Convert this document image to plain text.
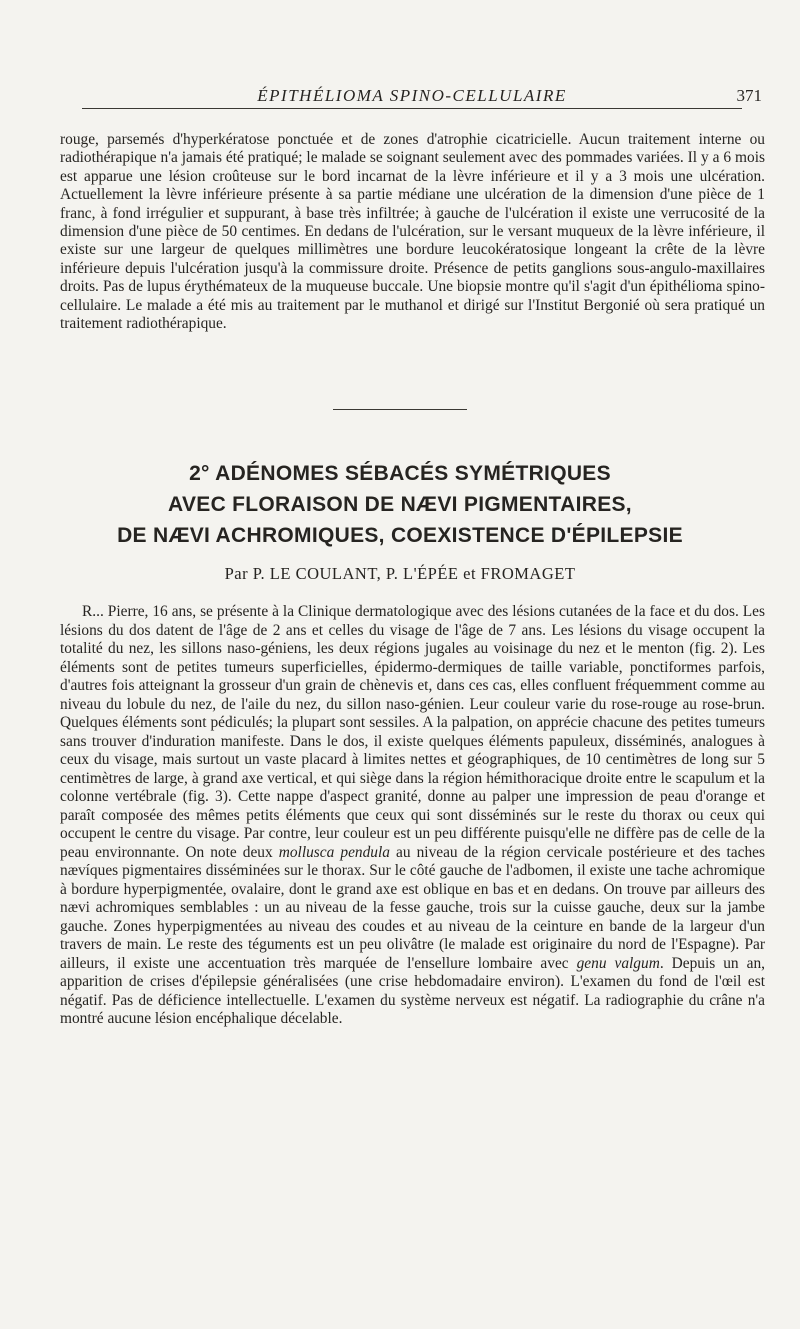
ÉPITHÉLIOMA SPINO-CELLULAIRE	371

rouge, parsemés d'hyperkératose ponctuée et de zones d'atrophie cicatricielle. Aucun traitement interne ou radiothérapique n'a jamais été pratiqué; le malade se soignant seulement avec des pommades variées. Il y a 6 mois est apparue une lésion croûteuse sur le bord incarnat de la lèvre inférieure et il y a 3 mois une ulcération. Actuellement la lèvre inférieure présente à sa partie médiane une ulcération de la dimension d'une pièce de 1 franc, à fond irrégulier et suppurant, à base très infiltrée; à gauche de l'ulcération il existe une verrucosité de la dimension d'une pièce de 50 centimes. En dedans de l'ulcération, sur le versant muqueux de la lèvre inférieure, il existe sur une largeur de quelques millimètres une bordure leucokératosique longeant la crête de la lèvre inférieure depuis l'ulcération jusqu'à la commissure droite. Présence de petits ganglions sous-angulo-maxillaires droits. Pas de lupus érythémateux de la muqueuse buccale. Une biopsie montre qu'il s'agit d'un épithélioma spino-cellulaire. Le malade a été mis au traitement par le muthanol et dirigé sur l'Institut Bergonié où sera pratiqué un traitement radiothérapique.

2° ADÉNOMES SÉBACÉS SYMÉTRIQUES
AVEC FLORAISON DE NÆVI PIGMENTAIRES,
DE NÆVI ACHROMIQUES, COEXISTENCE D'ÉPILEPSIE
Par P. LE COULANT, P. L'ÉPÉE et FROMAGET

R... Pierre, 16 ans, se présente à la Clinique dermatologique avec des lésions cutanées de la face et du dos. Les lésions du dos datent de l'âge de 2 ans et celles du visage de l'âge de 7 ans. Les lésions du visage occupent la totalité du nez, les sillons naso-géniens, les deux régions jugales au voisinage du nez et le menton (fig. 2). Les éléments sont de petites tumeurs superficielles, épidermo-dermiques de taille variable, ponctiformes parfois, d'autres fois atteignant la grosseur d'un grain de chènevis et, dans ces cas, elles confluent fréquemment comme au niveau du lobule du nez, de l'aile du nez, du sillon naso-génien. Leur couleur varie du rose-rouge au rose-brun. Quelques éléments sont pédiculés; la plupart sont sessiles. A la palpation, on apprécie chacune des petites tumeurs sans trouver d'induration manifeste. Dans le dos, il existe quelques éléments papuleux, disséminés, analogues à ceux du visage, mais surtout un vaste placard à limites nettes et géographiques, de 10 centimètres de long sur 5 centimètres de large, à grand axe vertical, et qui siège dans la région hémithoracique droite entre le scapulum et la colonne vertébrale (fig. 3). Cette nappe d'aspect granité, donne au palper une impression de peau d'orange et paraît composée des mêmes petits éléments que ceux qui sont disséminés sur le reste du thorax ou ceux qui occupent le centre du visage. Par contre, leur couleur est un peu différente puisqu'elle ne diffère pas de celle de la peau environnante. On note deux mollusca pendula au niveau de la région cervicale postérieure et des taches nævíques pigmentaires disséminées sur le thorax. Sur le côté gauche de l'adbomen, il existe une tache achromique à bordure hyperpigmentée, ovalaire, dont le grand axe est oblique en bas et en dedans. On trouve par ailleurs des nævi achromiques semblables : un au niveau de la fesse gauche, trois sur la cuisse gauche, deux sur la jambe gauche. Zones hyperpigmentées au niveau des coudes et au niveau de la ceinture en bande de la largeur d'un travers de main. Le reste des téguments est un peu olivâtre (le malade est originaire du nord de l'Espagne). Par ailleurs, il existe une accentuation très marquée de l'ensellure lombaire avec genu valgum. Depuis un an, apparition de crises d'épilepsie généralisées (une crise hebdomadaire environ). L'examen du fond de l'œil est négatif. Pas de déficience intellectuelle. L'examen du système nerveux est négatif. La radiographie du crâne n'a montré aucune lésion encéphalique décelable.
